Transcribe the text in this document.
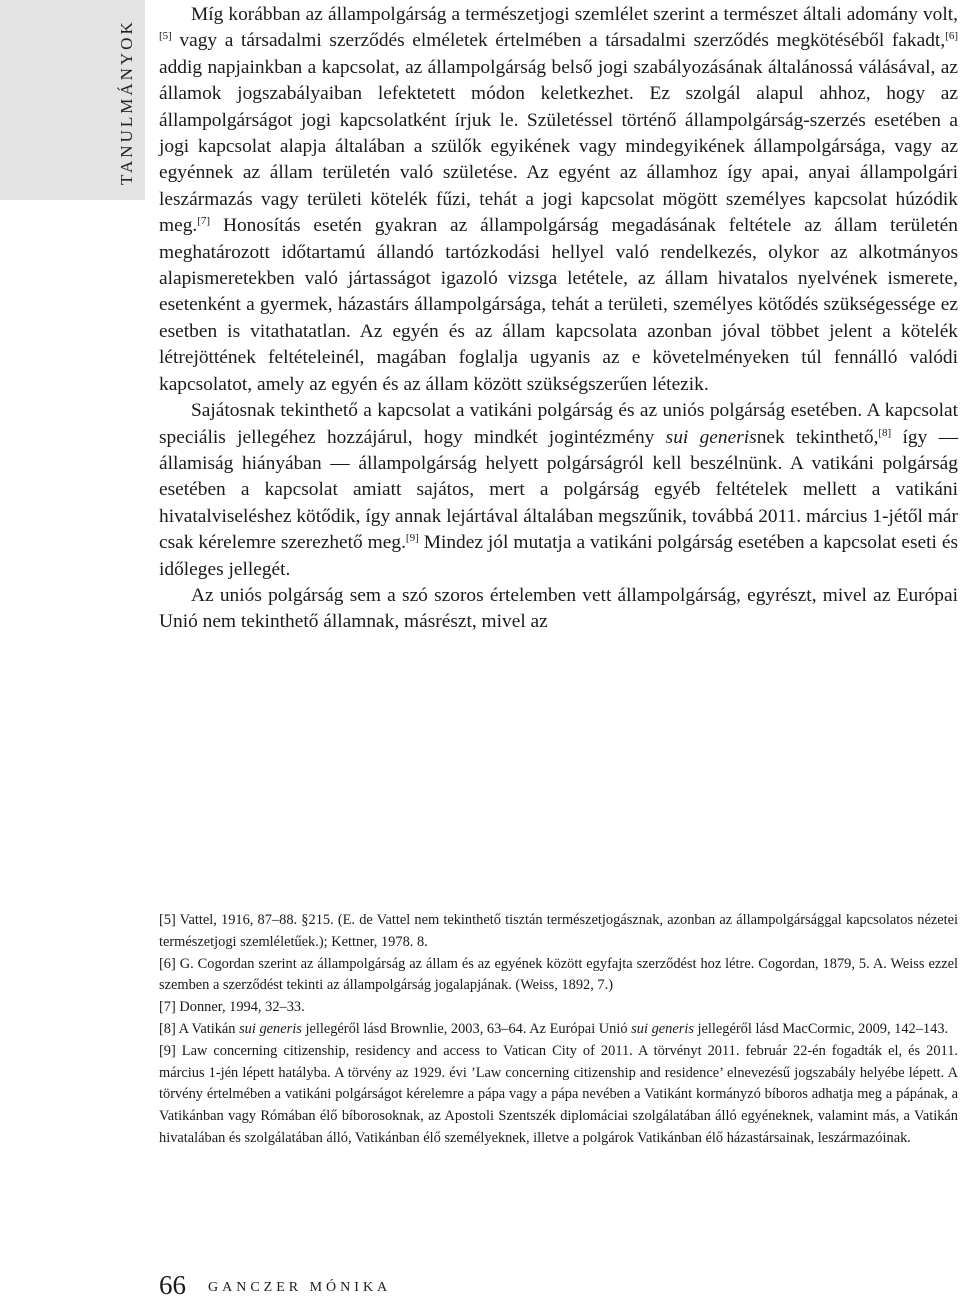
TANULMÁNYOK

Míg korábban az állampolgárság a természetjogi szemlélet szerint a természet általi adomány volt,[5] vagy a társadalmi szerződés elméletek értelmében a társadalmi szerződés megkötéséből fakadt,[6] addig napjainkban a kapcsolat, az állampolgárság belső jogi szabályozásának általánossá válásával, az államok jogszabályaiban lefektetett módon keletkezhet. Ez szolgál alapul ahhoz, hogy az állampolgárságot jogi kapcsolatként írjuk le. Születéssel történő állampolgárság-szerzés esetében a jogi kapcsolat alapja általában a szülők egyikének vagy mindegyikének állampolgársága, vagy az egyénnek az állam területén való születése. Az egyént az államhoz így apai, anyai állampolgári leszármazás vagy területi kötelék fűzi, tehát a jogi kapcsolat mögött személyes kapcsolat húzódik meg.[7] Honosítás esetén gyakran az állampolgárság megadásának feltétele az állam területén meghatározott időtartamú állandó tartózkodási hellyel való rendelkezés, olykor az alkotmányos alapismeretekben való jártasságot igazoló vizsga letétele, az állam hivatalos nyelvének ismerete, esetenként a gyermek, házastárs állampolgársága, tehát a területi, személyes kötődés szükségessége ez esetben is vitathatatlan. Az egyén és az állam kapcsolata azonban jóval többet jelent a kötelék létrejöttének feltételeinél, magában foglalja ugyanis az e követelményeken túl fennálló valódi kapcsolatot, amely az egyén és az állam között szükségszerűen létezik.

Sajátosnak tekinthető a kapcsolat a vatikáni polgárság és az uniós polgárság esetében. A kapcsolat speciális jellegéhez hozzájárul, hogy mindkét jogintézmény sui generisnek tekinthető,[8] így — államiság hiányában — állampolgárság helyett polgárságról kell beszélnünk. A vatikáni polgárság esetében a kapcsolat amiatt sajátos, mert a polgárság egyéb feltételek mellett a vatikáni hivatalviseléshez kötődik, így annak lejártával általában megszűnik, továbbá 2011. március 1-jétől már csak kérelemre szerezhető meg.[9] Mindez jól mutatja a vatikáni polgárság esetében a kapcsolat eseti és időleges jellegét.

Az uniós polgárság sem a szó szoros értelemben vett állampolgárság, egyrészt, mivel az Európai Unió nem tekinthető államnak, másrészt, mivel az

[5] Vattel, 1916, 87–88. §215. (E. de Vattel nem tekinthető tisztán természetjogásznak, azonban az állampolgársággal kapcsolatos nézetei természetjogi szemléletűek.); Kettner, 1978. 8.

[6] G. Cogordan szerint az állampolgárság az állam és az egyének között egyfajta szerződést hoz létre. Cogordan, 1879, 5. A. Weiss ezzel szemben a szerződést tekinti az állampolgárság jogalapjának. (Weiss, 1892, 7.)

[7] Donner, 1994, 32–33.

[8] A Vatikán sui generis jellegéről lásd Brownlie, 2003, 63–64. Az Európai Unió sui generis jellegéről lásd MacCormic, 2009, 142–143.

[9] Law concerning citizenship, residency and access to Vatican City of 2011. A törvényt 2011. február 22-én fogadták el, és 2011. március 1-jén lépett hatályba. A törvény az 1929. évi ’Law concerning citizenship and residence’ elnevezésű jogszabály helyébe lépett. A törvény értelmében a vatikáni polgárságot kérelemre a pápa vagy a pápa nevében a Vatikánt kormányzó bíboros adhatja meg a pápának, a Vatikánban vagy Rómában élő bíborosoknak, az Apostoli Szentszék diplomáciai szolgálatában álló egyéneknek, valamint más, a Vatikán hivatalában és szolgálatában álló, Vatikánban élő személyeknek, illetve a polgárok Vatikánban élő házastársainak, leszármazóinak.

66 GANCZER MÓNIKA
